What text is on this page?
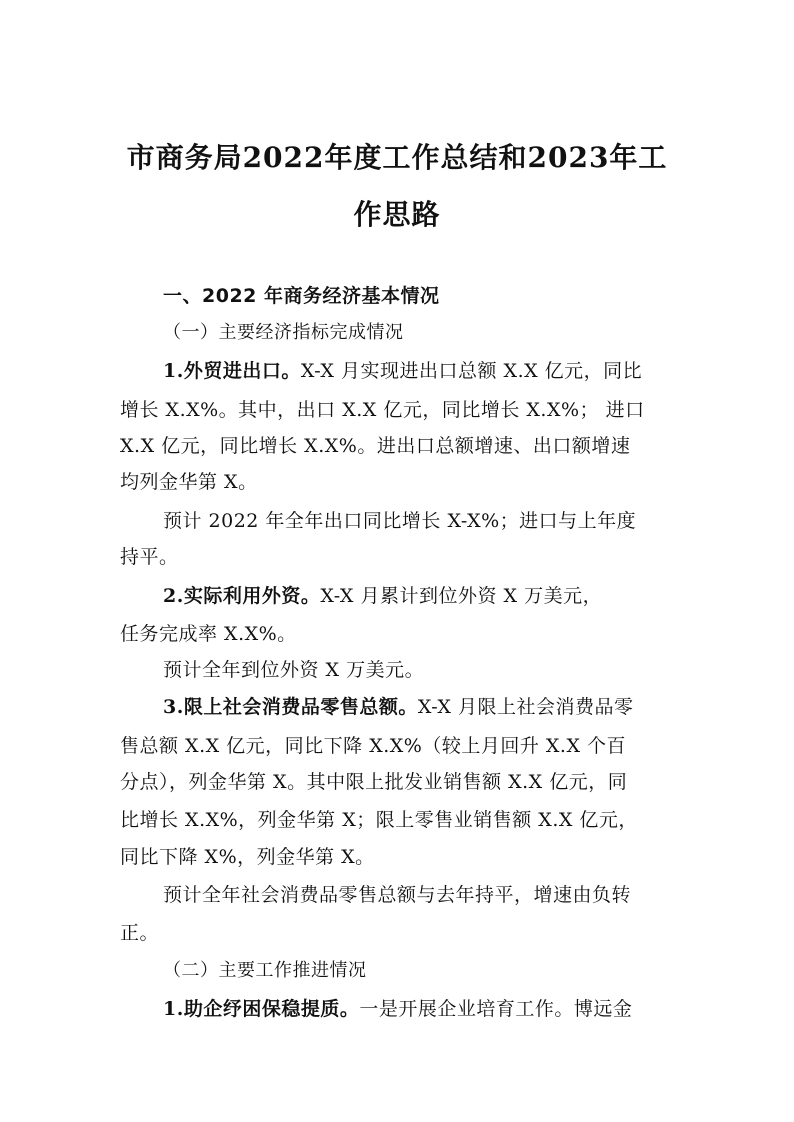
市商务局2022年度工作总结和2023年工
作思路
一、2022 年商务经济基本情况
（一）主要经济指标完成情况
1.外贸进出口。X-X 月实现进出口总额 X.X 亿元，同比
增长 X.X%。其中，出口 X.X 亿元，同比增长 X.X%； 进口
X.X 亿元，同比增长 X.X%。进出口总额增速、出口额增速
均列金华第 X。
预计 2022 年全年出口同比增长 X-X%；进口与上年度
持平。
2.实际利用外资。X-X 月累计到位外资 X 万美元，
任务完成率 X.X%。
预计全年到位外资 X 万美元。
3.限上社会消费品零售总额。X-X 月限上社会消费品零
售总额 X.X 亿元，同比下降 X.X%（较上月回升 X.X 个百
分点），列金华第 X。其中限上批发业销售额 X.X 亿元，同
比增长 X.X%，列金华第 X；限上零售业销售额 X.X 亿元，
同比下降 X%，列金华第 X。
预计全年社会消费品零售总额与去年持平，增速由负转
正。
（二）主要工作推进情况
1.助企纾困保稳提质。一是开展企业培育工作。博远金
